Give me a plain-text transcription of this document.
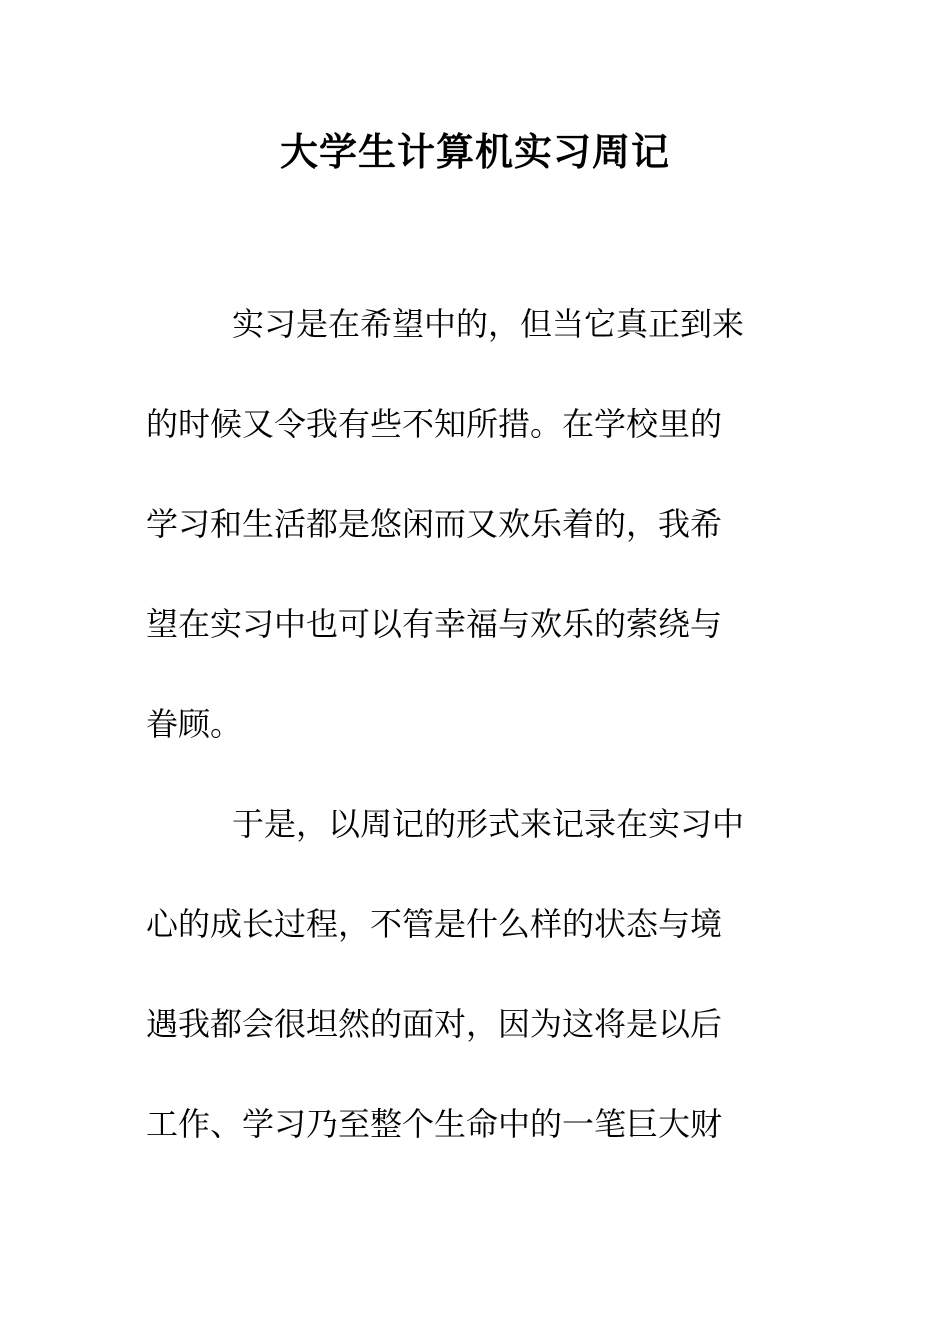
大学生计算机实习周记
实习是在希望中的，但当它真正到来
的时候又令我有些不知所措。在学校里的
学习和生活都是悠闲而又欢乐着的，我希
望在实习中也可以有幸福与欢乐的萦绕与
眷顾。
于是，以周记的形式来记录在实习中
心的成长过程，不管是什么样的状态与境
遇我都会很坦然的面对，因为这将是以后
工作、学习乃至整个生命中的一笔巨大财
